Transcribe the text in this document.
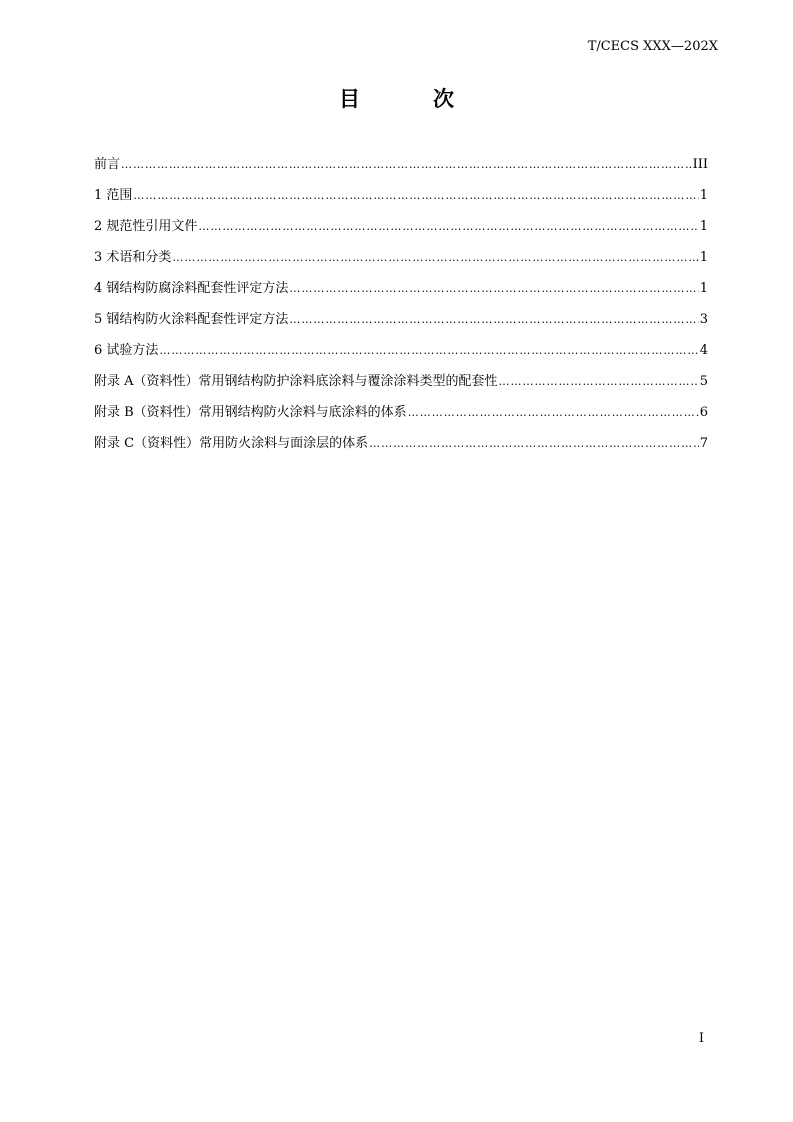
T/CECS XXX—202X
目　次
前言 ……………………………………………………………………………………………………………………………………………………………………………………………………	III
1 范围 ……………………………………………………………………………………………………………………………………………………………………………………………………	1
2 规范性引用文件 ……………………………………………………………………………………………………………………………………………………………………………………………………	1
3 术语和分类 ……………………………………………………………………………………………………………………………………………………………………………………………………	1
4 钢结构防腐涂料配套性评定方法 ……………………………………………………………………………………………………………………………………………………………………………………………………	1
5 钢结构防火涂料配套性评定方法 ……………………………………………………………………………………………………………………………………………………………………………………………………	3
6 试验方法 ……………………………………………………………………………………………………………………………………………………………………………………………………	4
附录 A（资料性）常用钢结构防护涂料底涂料与覆涂涂料类型的配套性 ……………………………………………………………………………………………………………………………………………………………………………………………………	5
附录 B（资料性）常用钢结构防火涂料与底涂料的体系 ……………………………………………………………………………………………………………………………………………………………………………………………………	6
附录 C（资料性）常用防火涂料与面涂层的体系 ……………………………………………………………………………………………………………………………………………………………………………………………………	7
I
